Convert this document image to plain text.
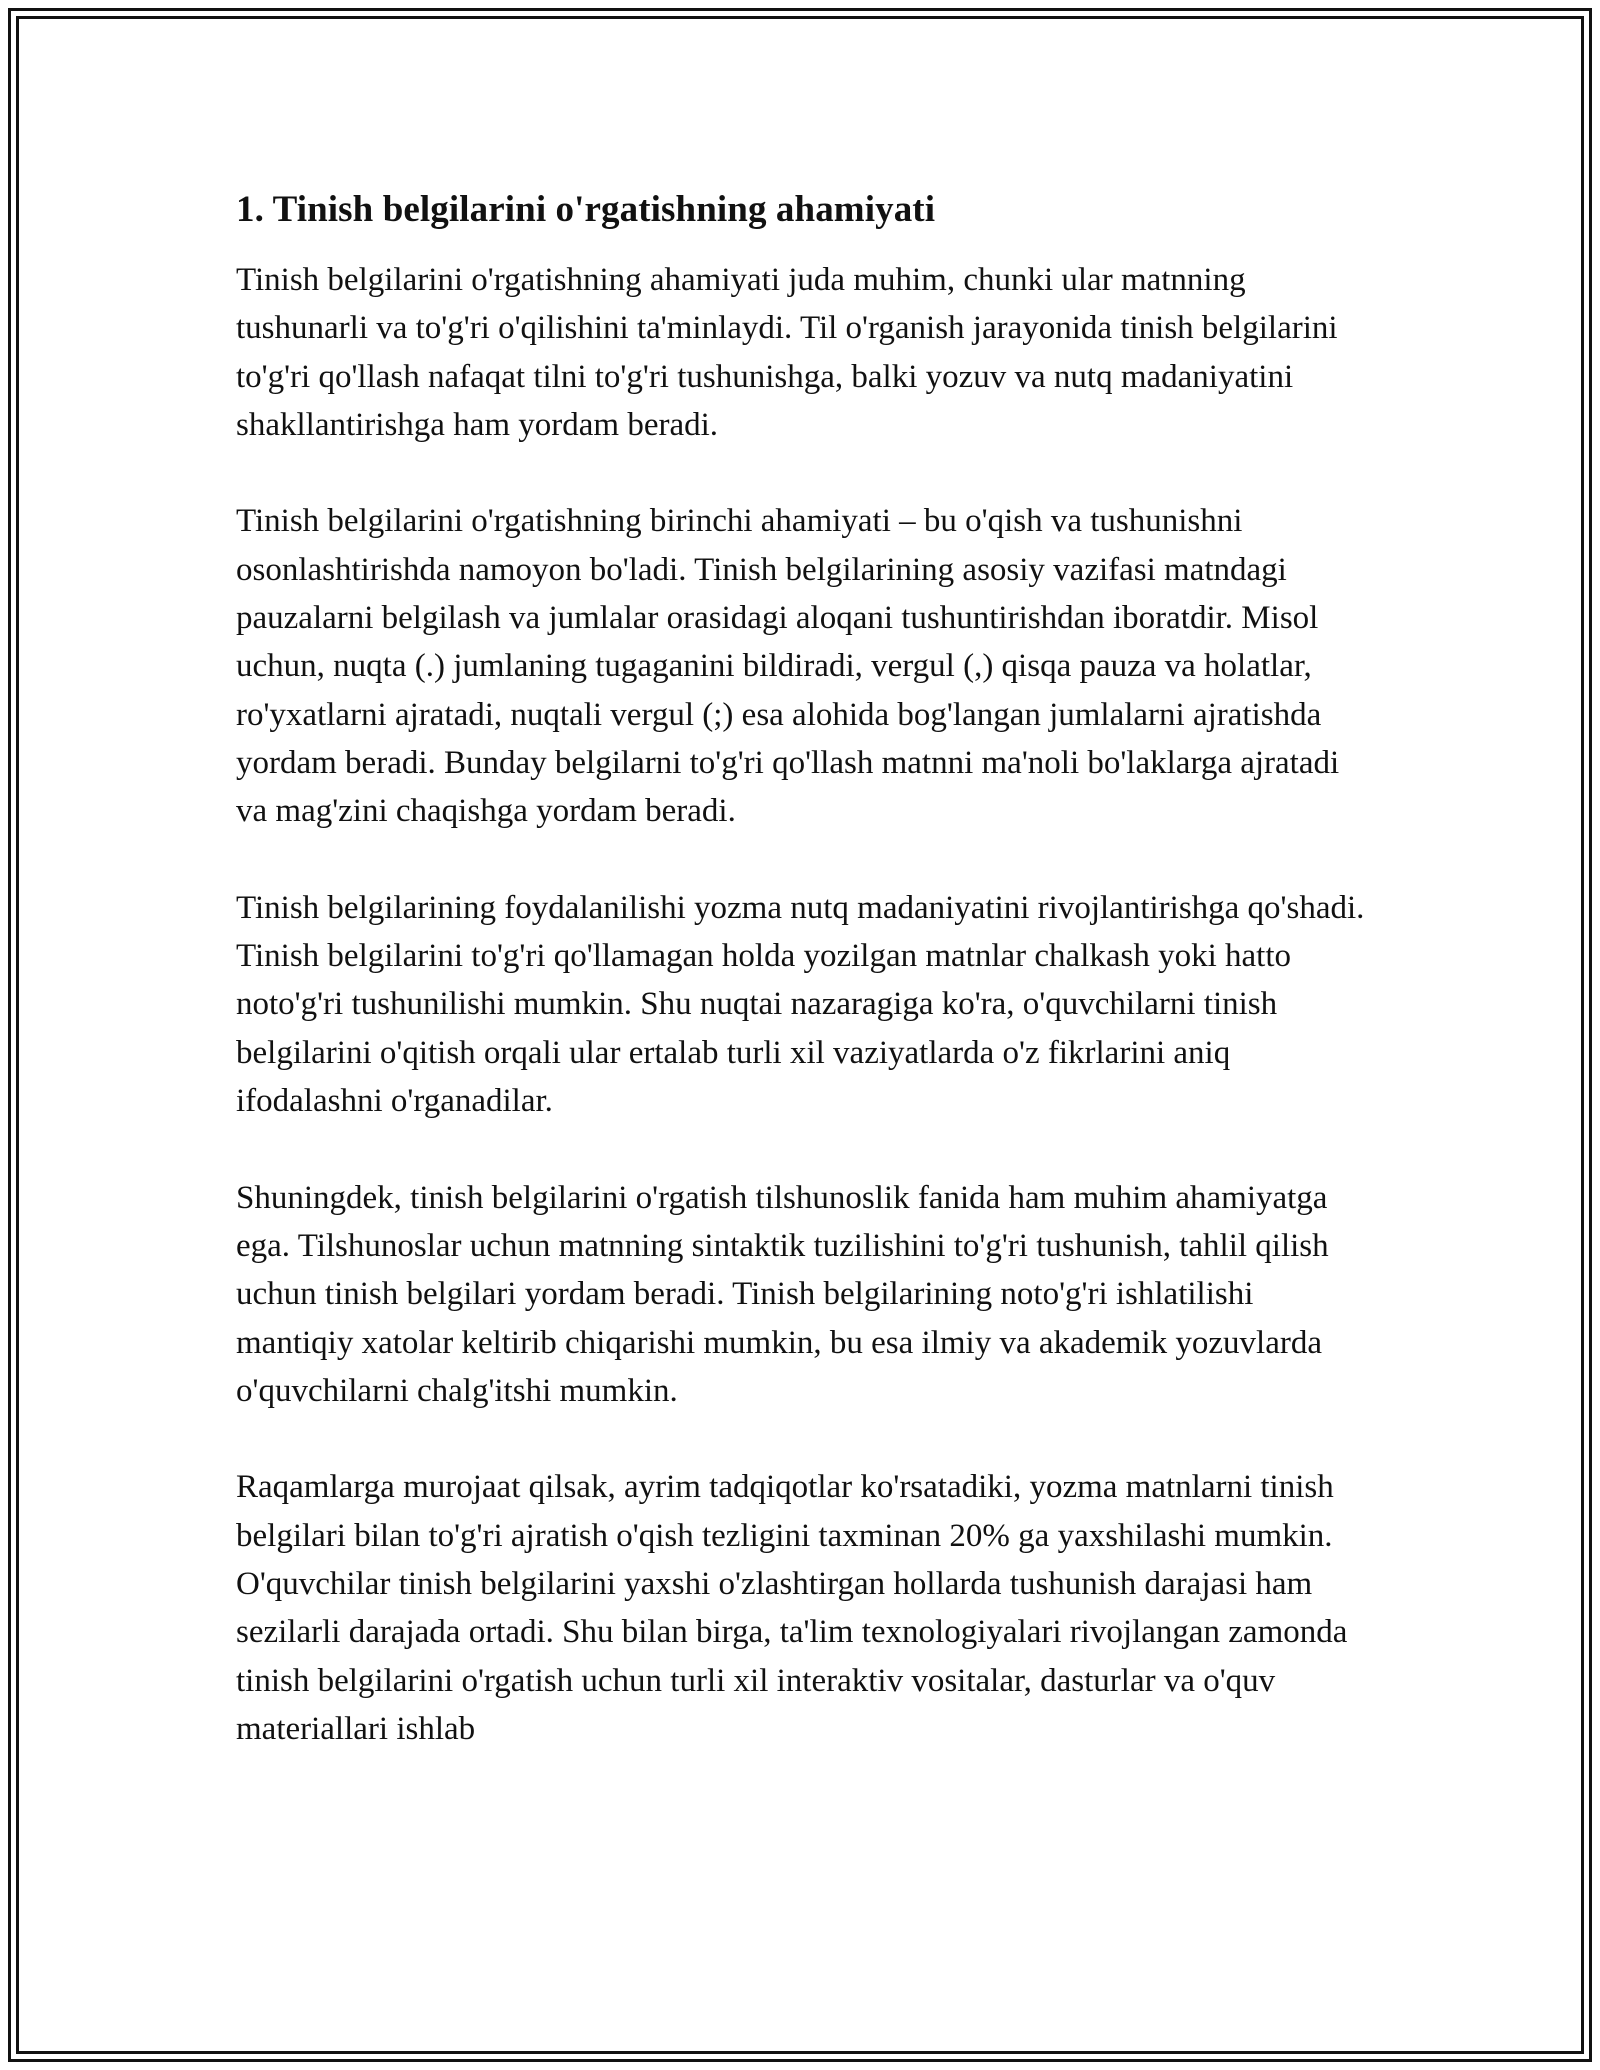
1. Tinish belgilarini o'rgatishning ahamiyati

Tinish belgilarini o'rgatishning ahamiyati juda muhim, chunki ular matnning tushunarli va to'g'ri o'qilishini ta'minlaydi. Til o'rganish jarayonida tinish belgilarini to'g'ri qo'llash nafaqat tilni to'g'ri tushunishga, balki yozuv va nutq madaniyatini shakllantirishga ham yordam beradi.

Tinish belgilarini o'rgatishning birinchi ahamiyati – bu o'qish va tushunishni osonlashtirishda namoyon bo'ladi. Tinish belgilarining asosiy vazifasi matndagi pauzalarni belgilash va jumlalar orasidagi aloqani tushuntirishdan iboratdir. Misol uchun, nuqta (.) jumlaning tugaganini bildiradi, vergul (,) qisqa pauza va holatlar, ro'yxatlarni ajratadi, nuqtali vergul (;) esa alohida bog'langan jumlalarni ajratishda yordam beradi. Bunday belgilarni to'g'ri qo'llash matnni ma'noli bo'laklarga ajratadi va mag'zini chaqishga yordam beradi.

Tinish belgilarining foydalanilishi yozma nutq madaniyatini rivojlantirishga qo'shadi. Tinish belgilarini to'g'ri qo'llamagan holda yozilgan matnlar chalkash yoki hatto noto'g'ri tushunilishi mumkin. Shu nuqtai nazaragiga ko'ra, o'quvchilarni tinish belgilarini o'qitish orqali ular ertalab turli xil vaziyatlarda o'z fikrlarini aniq ifodalashni o'rganadilar.

Shuningdek, tinish belgilarini o'rgatish tilshunoslik fanida ham muhim ahamiyatga ega. Tilshunoslar uchun matnning sintaktik tuzilishini to'g'ri tushunish, tahlil qilish uchun tinish belgilari yordam beradi. Tinish belgilarining noto'g'ri ishlatilishi mantiqiy xatolar keltirib chiqarishi mumkin, bu esa ilmiy va akademik yozuvlarda o'quvchilarni chalg'itshi mumkin.

Raqamlarga murojaat qilsak, ayrim tadqiqotlar ko'rsatadiki, yozma matnlarni tinish belgilari bilan to'g'ri ajratish o'qish tezligini taxminan 20% ga yaxshilashi mumkin. O'quvchilar tinish belgilarini yaxshi o'zlashtirgan hollarda tushunish darajasi ham sezilarli darajada ortadi. Shu bilan birga, ta'lim texnologiyalari rivojlangan zamonda tinish belgilarini o'rgatish uchun turli xil interaktiv vositalar, dasturlar va o'quv materiallari ishlab
